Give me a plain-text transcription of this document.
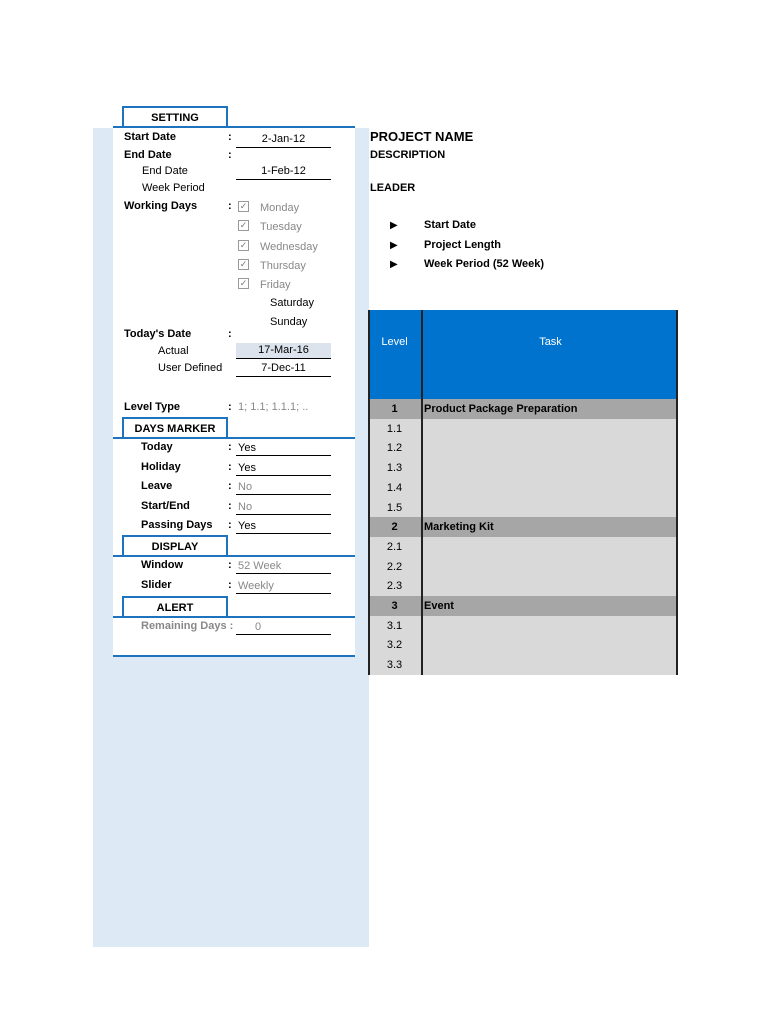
SETTING
Start Date	:	2-Jan-12
End Date	:
End Date	1-Feb-12
Week Period
Working Days	: ✓ Monday
✓ Tuesday
✓ Wednesday
✓ Thursday
✓ Friday
Saturday
Sunday
Today's Date	:
Actual	17-Mar-16
User Defined	7-Dec-11
Level Type	: 1; 1.1; 1.1.1; ..
DAYS MARKER
Today	: Yes
Holiday	: Yes
Leave	: No
Start/End	: No
Passing Days : Yes
DISPLAY
Window	: 52 Week
Slider	: Weekly
ALERT
Remaining Days :	0
PROJECT NAME
DESCRIPTION
LEADER
▶ Start Date
▶ Project Length
▶ Week Period (52 Week)
Level	Task
1	Product Package Preparation
1.1
1.2
1.3
1.4
1.5
2	Marketing Kit
2.1
2.2
2.3
3	Event
3.1
3.2
3.3
